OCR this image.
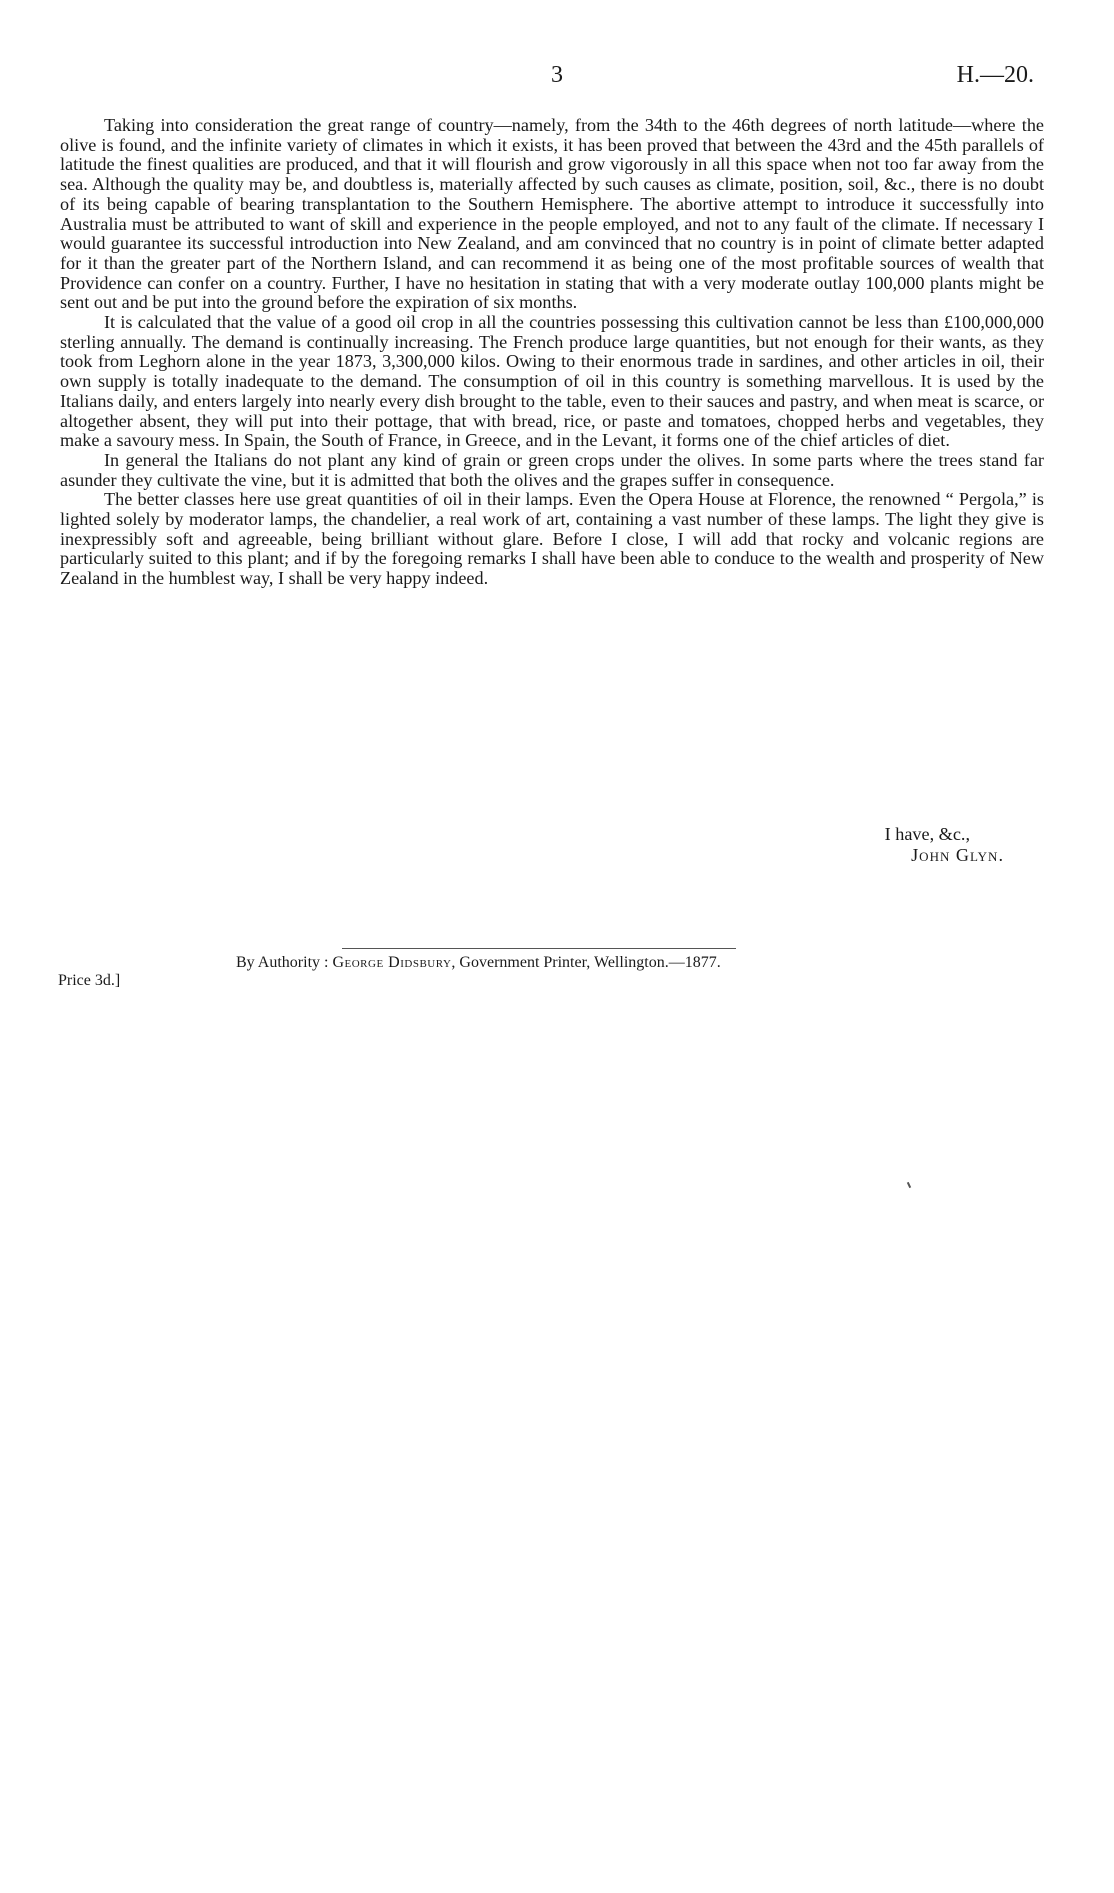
3	H.—20.

Taking into consideration the great range of country—namely, from the 34th to the 46th degrees of north latitude—where the olive is found, and the infinite variety of climates in which it exists, it has been proved that between the 43rd and the 45th parallels of latitude the finest qualities are produced, and that it will flourish and grow vigorously in all this space when not too far away from the sea. Although the quality may be, and doubtless is, materially affected by such causes as climate, position, soil, &c., there is no doubt of its being capable of bearing transplantation to the Southern Hemisphere. The abortive attempt to introduce it successfully into Australia must be attributed to want of skill and experience in the people employed, and not to any fault of the climate. If necessary I would guarantee its successful introduction into New Zealand, and am convinced that no country is in point of climate better adapted for it than the greater part of the Northern Island, and can recommend it as being one of the most profitable sources of wealth that Providence can confer on a country. Further, I have no hesitation in stating that with a very moderate outlay 100,000 plants might be sent out and be put into the ground before the expiration of six months.

It is calculated that the value of a good oil crop in all the countries possessing this cultivation cannot be less than £100,000,000 sterling annually. The demand is continually increasing. The French produce large quantities, but not enough for their wants, as they took from Leghorn alone in the year 1873, 3,300,000 kilos. Owing to their enormous trade in sardines, and other articles in oil, their own supply is totally inadequate to the demand. The consumption of oil in this country is something marvellous. It is used by the Italians daily, and enters largely into nearly every dish brought to the table, even to their sauces and pastry, and when meat is scarce, or altogether absent, they will put into their pottage, that with bread, rice, or paste and tomatoes, chopped herbs and vegetables, they make a savoury mess. In Spain, the South of France, in Greece, and in the Levant, it forms one of the chief articles of diet.

In general the Italians do not plant any kind of grain or green crops under the olives. In some parts where the trees stand far asunder they cultivate the vine, but it is admitted that both the olives and the grapes suffer in consequence.

The better classes here use great quantities of oil in their lamps. Even the Opera House at Florence, the renowned “ Pergola,” is lighted solely by moderator lamps, the chandelier, a real work of art, containing a vast number of these lamps. The light they give is inexpressibly soft and agreeable, being brilliant without glare. Before I close, I will add that rocky and volcanic regions are particularly suited to this plant; and if by the foregoing remarks I shall have been able to conduce to the wealth and prosperity of New Zealand in the humblest way, I shall be very happy indeed.

I have, &c.,
John Glyn.
Price 3d.]
By Authority : George Didsbury, Government Printer, Wellington.—1877.
